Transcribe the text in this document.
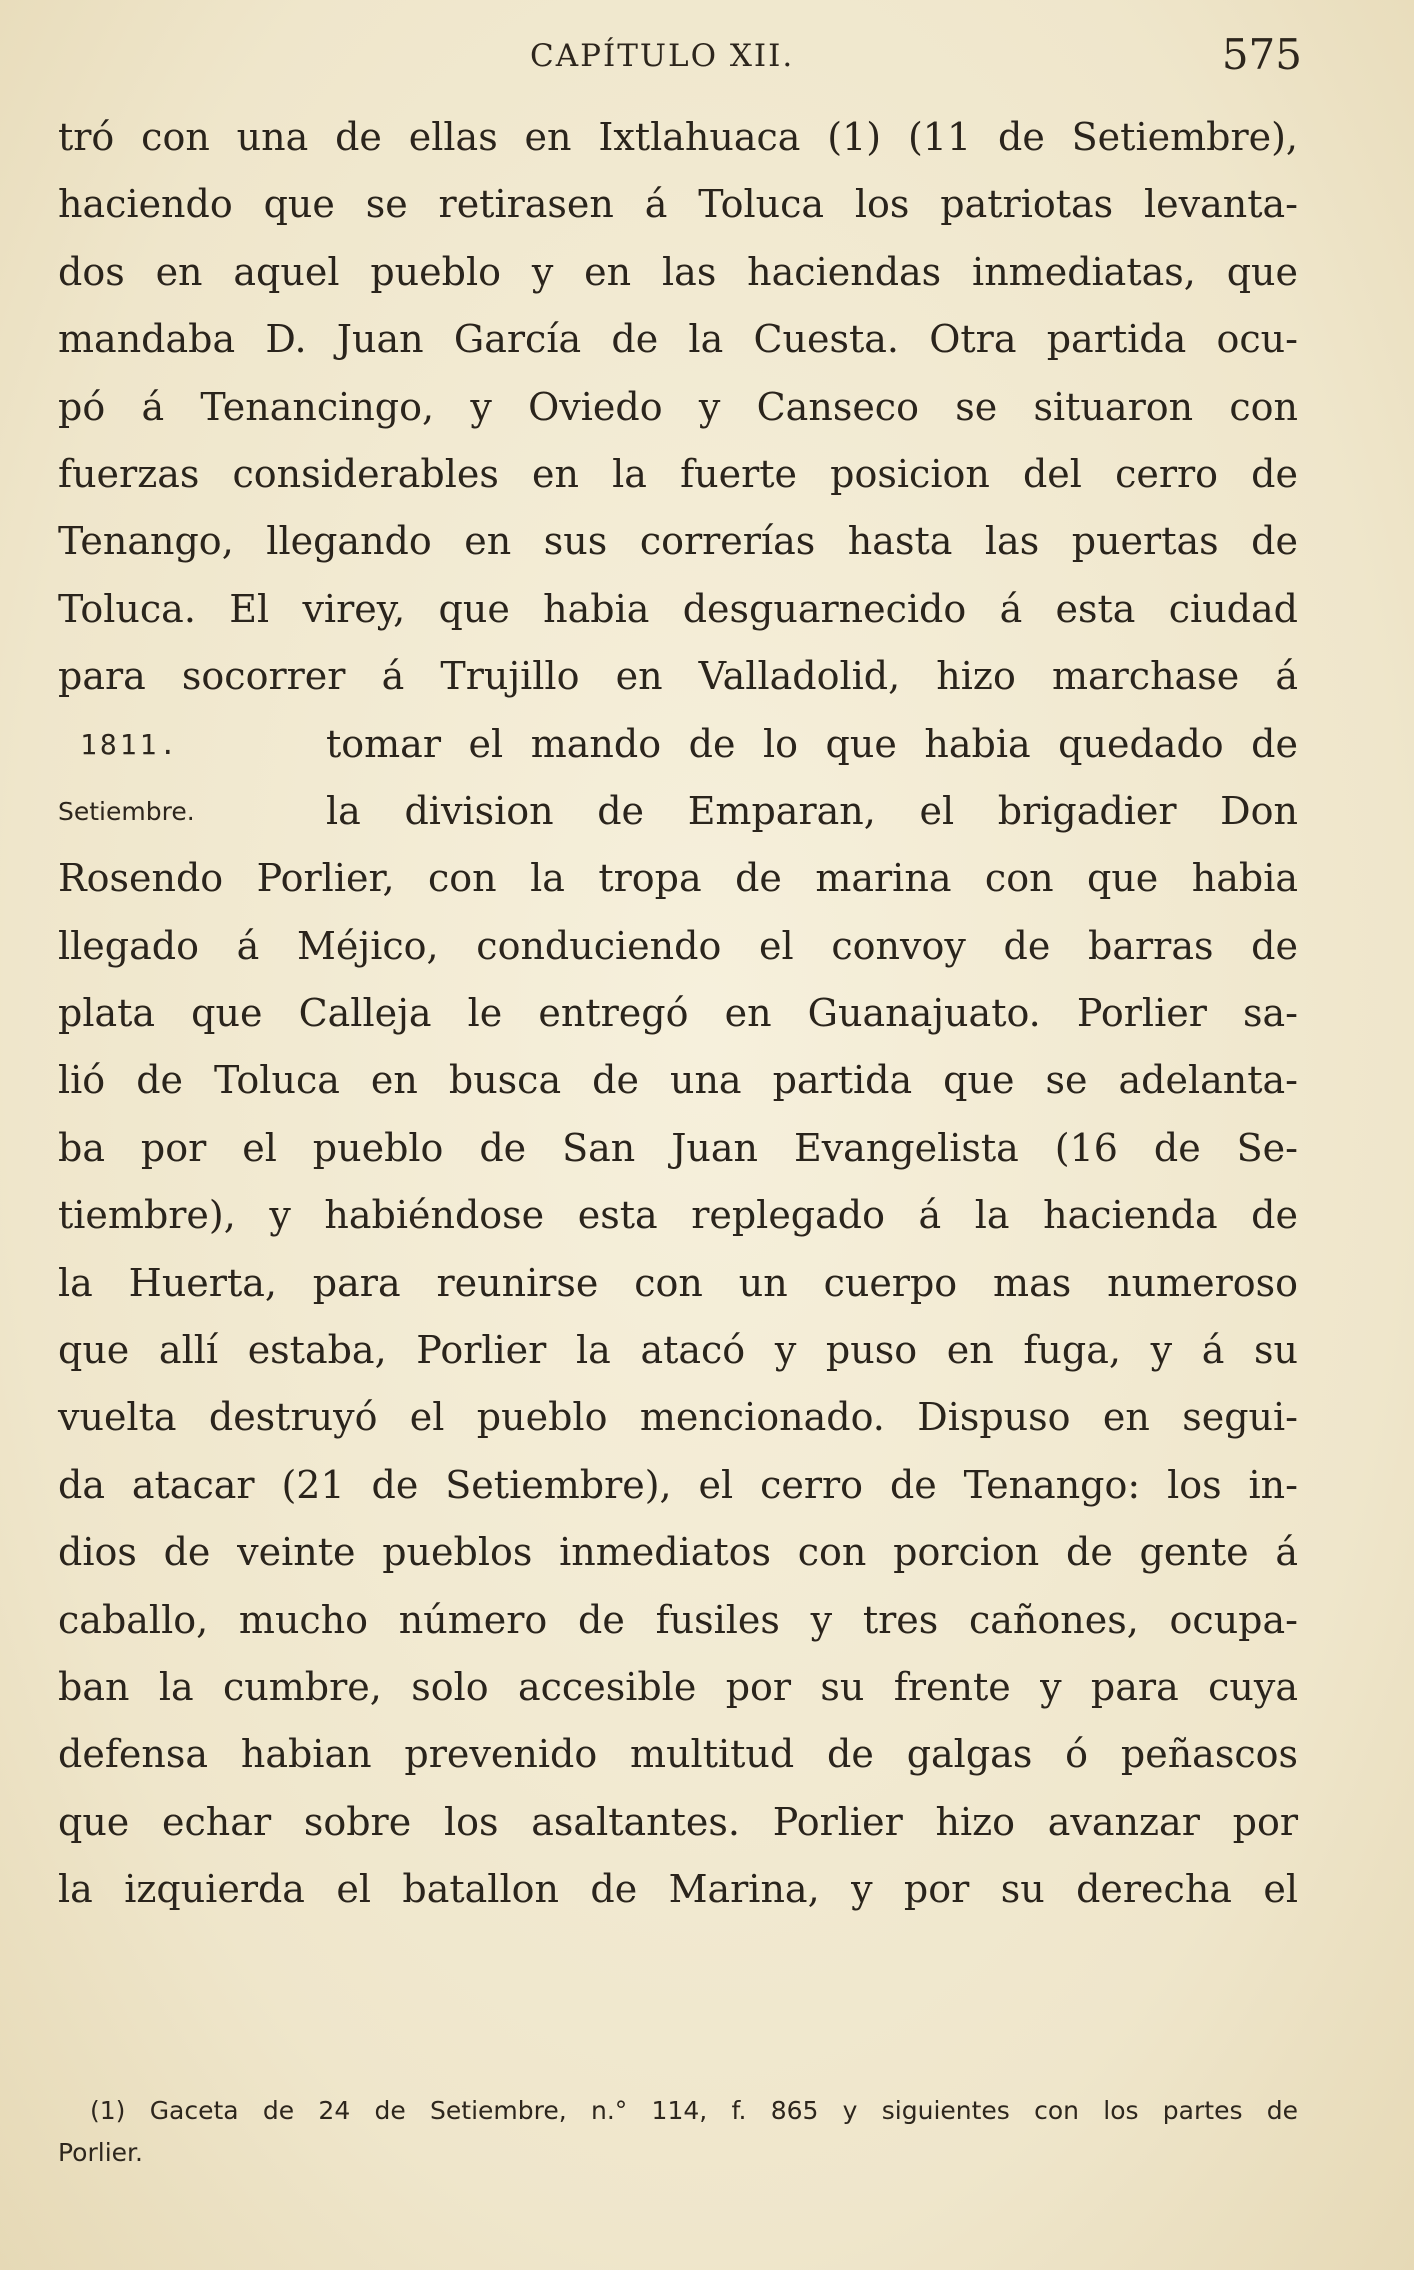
CAPÍTULO XII.	575
tró con una de ellas en Ixtlahuaca (1) (11 de Setiembre),
haciendo que se retirasen á Toluca los patriotas levanta-
dos en aquel pueblo y en las haciendas inmediatas, que
mandaba D. Juan García de la Cuesta. Otra partida ocu-
pó á Tenancingo, y Oviedo y Canseco se situaron con
fuerzas considerables en la fuerte posicion del cerro de
Tenango, llegando en sus correrías hasta las puertas de
Toluca. El virey, que habia desguarnecido á esta ciudad
para socorrer á Trujillo en Valladolid, hizo marchase á
1811.	tomar el mando de lo que habia quedado de
Setiembre.	la division de Emparan, el brigadier Don
Rosendo Porlier, con la tropa de marina con que habia
llegado á Méjico, conduciendo el convoy de barras de
plata que Calleja le entregó en Guanajuato. Porlier sa-
lió de Toluca en busca de una partida que se adelanta-
ba por el pueblo de San Juan Evangelista (16 de Se-
tiembre), y habiéndose esta replegado á la hacienda de
la Huerta, para reunirse con un cuerpo mas numeroso
que allí estaba, Porlier la atacó y puso en fuga, y á su
vuelta destruyó el pueblo mencionado. Dispuso en segui-
da atacar (21 de Setiembre), el cerro de Tenango: los in-
dios de veinte pueblos inmediatos con porcion de gente á
caballo, mucho número de fusiles y tres cañones, ocupa-
ban la cumbre, solo accesible por su frente y para cuya
defensa habian prevenido multitud de galgas ó peñascos
que echar sobre los asaltantes. Porlier hizo avanzar por
la izquierda el batallon de Marina, y por su derecha el
(1) Gaceta de 24 de Setiembre, n.° 114, f. 865 y siguientes con los partes de
Porlier.
